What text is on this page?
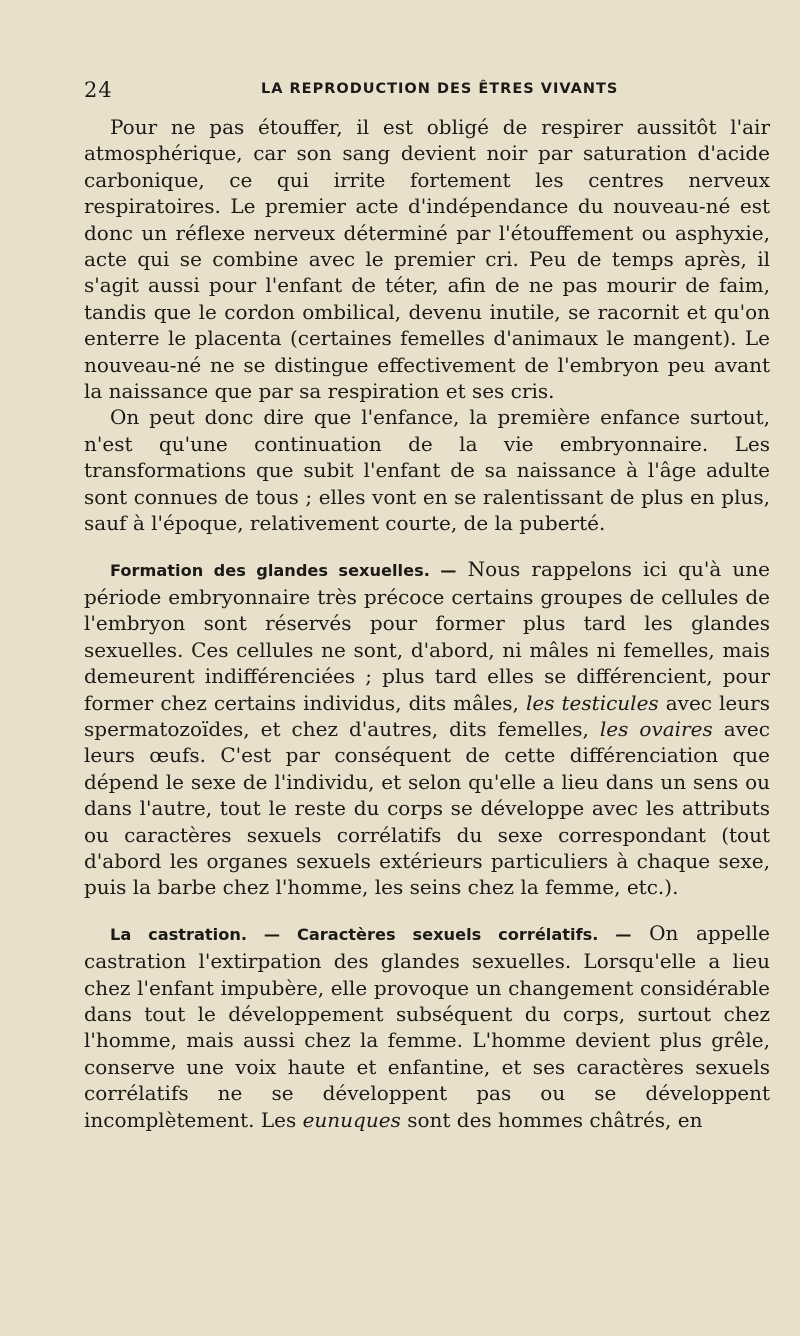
24	LA REPRODUCTION DES ÊTRES VIVANTS

Pour ne pas étouffer, il est obligé de respirer aussitôt l'air atmosphérique, car son sang devient noir par saturation d'acide carbonique, ce qui irrite fortement les centres nerveux respiratoires. Le premier acte d'indépendance du nouveau-né est donc un réflexe nerveux déterminé par l'étouffement ou asphyxie, acte qui se combine avec le premier cri. Peu de temps après, il s'agit aussi pour l'enfant de téter, afin de ne pas mourir de faim, tandis que le cordon ombilical, devenu inutile, se racornit et qu'on enterre le placenta (certaines femelles d'animaux le mangent). Le nouveau-né ne se distingue effectivement de l'embryon peu avant la naissance que par sa respiration et ses cris.

On peut donc dire que l'enfance, la première enfance surtout, n'est qu'une continuation de la vie embryonnaire. Les transformations que subit l'enfant de sa naissance à l'âge adulte sont connues de tous ; elles vont en se ralentissant de plus en plus, sauf à l'époque, relativement courte, de la puberté.

Formation des glandes sexuelles. — Nous rappelons ici qu'à une période embryonnaire très précoce certains groupes de cellules de l'embryon sont réservés pour former plus tard les glandes sexuelles. Ces cellules ne sont, d'abord, ni mâles ni femelles, mais demeurent indifférenciées ; plus tard elles se différencient, pour former chez certains individus, dits mâles, les testicules avec leurs spermatozoïdes, et chez d'autres, dits femelles, les ovaires avec leurs œufs. C'est par conséquent de cette différenciation que dépend le sexe de l'individu, et selon qu'elle a lieu dans un sens ou dans l'autre, tout le reste du corps se développe avec les attributs ou caractères sexuels corrélatifs du sexe correspondant (tout d'abord les organes sexuels extérieurs particuliers à chaque sexe, puis la barbe chez l'homme, les seins chez la femme, etc.).

La castration. — Caractères sexuels corrélatifs. — On appelle castration l'extirpation des glandes sexuelles. Lorsqu'elle a lieu chez l'enfant impubère, elle provoque un changement considérable dans tout le développement subséquent du corps, surtout chez l'homme, mais aussi chez la femme. L'homme devient plus grêle, conserve une voix haute et enfantine, et ses caractères sexuels corrélatifs ne se développent pas ou se développent incomplètement. Les eunuques sont des hommes châtrés, en
